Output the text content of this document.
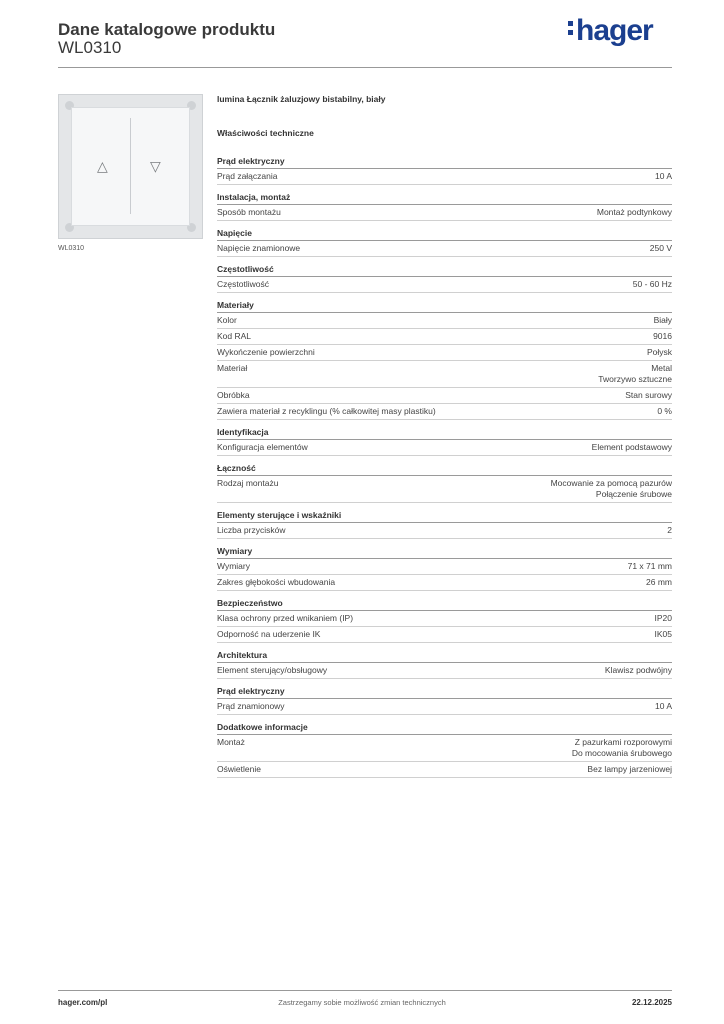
Dane katalogowe produktu
WL0310
hager
△	▽
WL0310
lumina Łącznik żaluzjowy bistabilny, biały
Właściwości techniczne
Prąd elektryczny
Prąd załączania	10 A
Instalacja, montaż
Sposób montażu	Montaż podtynkowy
Napięcie
Napięcie znamionowe	250 V
Częstotliwość
Częstotliwość	50 - 60 Hz
Materiały
Kolor	Biały
Kod RAL	9016
Wykończenie powierzchni	Połysk
Materiał	Metal
Tworzywo sztuczne
Obróbka	Stan surowy
Zawiera materiał z recyklingu (% całkowitej masy plastiku)	0 %
Identyfikacja
Konfiguracja elementów	Element podstawowy
Łączność
Rodzaj montażu	Mocowanie za pomocą pazurów
Połączenie śrubowe
Elementy sterujące i wskaźniki
Liczba przycisków	2
Wymiary
Wymiary	71 x 71 mm
Zakres głębokości wbudowania	26 mm
Bezpieczeństwo
Klasa ochrony przed wnikaniem (IP)	IP20
Odporność na uderzenie IK	IK05
Architektura
Element sterujący/obsługowy	Klawisz podwójny
Prąd elektryczny
Prąd znamionowy	10 A
Dodatkowe informacje
Montaż	Z pazurkami rozporowymi
Do mocowania śrubowego
Oświetlenie	Bez lampy jarzeniowej
hager.com/pl	Zastrzegamy sobie możliwość zmian technicznych	22.12.2025
